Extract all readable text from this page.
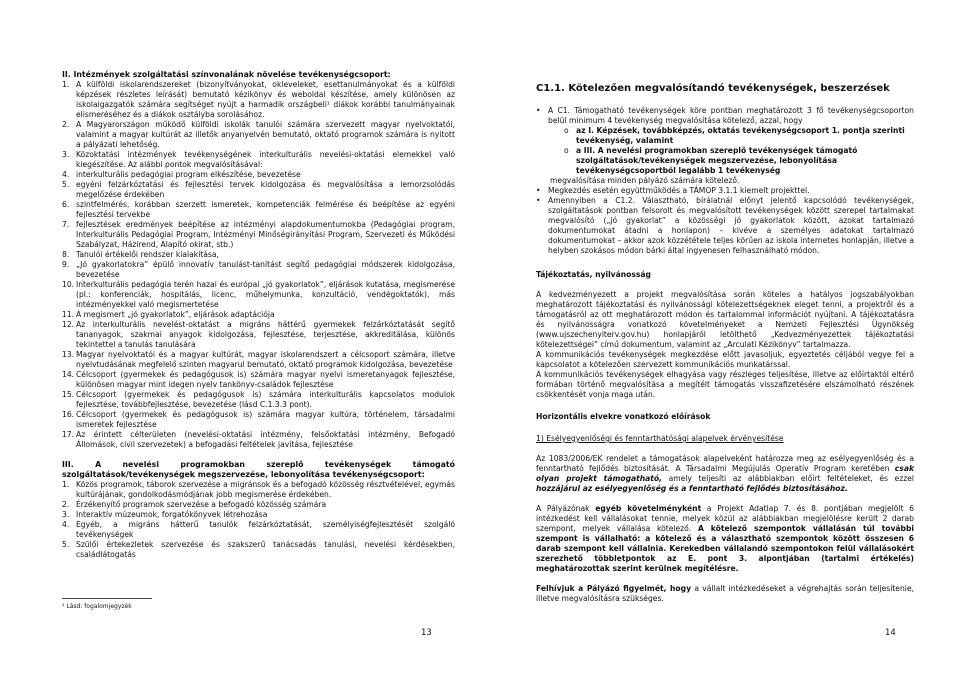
II. Intézmények szolgáltatási színvonalának növelése tevékenységcsoport:
1. A külföldi iskolarendszereket (bizonyítványokat, okleveleket, esettanulmányokat és a külföldi képzések részletes leírását) bemutató kézikönyv és weboldal készítése, amely különösen az iskolaigazgatók számára segítséget nyújt a harmadik országbeli¹ diákok korábbi tanulmányainak elismeréséhez és a diákok osztályba sorolásához.
2. A Magyarországon működő külföldi iskolák tanulói számára szervezett magyar nyelvoktatói, valamint a magyar kultúrát az illetők anyanyelvén bemutató, oktató programok számára is nyitott a pályázati lehetőség.
3. Közoktatási intézmények tevékenységének interkulturális nevelési-oktatási elemekkel való kiegészítése. Az alábbi pontok megvalósításával:
4. interkulturális pedagógiai program elkészítése, bevezetése
5. egyéni felzárkóztatási és fejlesztési tervek kidolgozása és megvalósítása a lemorzsolódás megelőzése érdekében
6. szintfelmérés, korábban szerzett ismeretek, kompetenciák felmérése és beépítése az egyéni fejlesztési tervekbe
7. fejlesztések eredmények beépítése az intézményi alapdokumentumokba (Pedagógiai program, Interkulturális Pedagógiai Program, Intézményi Minőségirányítási Program, Szervezeti és Működési Szabályzat, Házirend, Alapító okirat, stb.)
8. Tanulói értékelői rendszer kialakítása,
9. „Jó gyakorlatokra” épülő innovatív tanulást-tanítást segítő pedagógiai módszerek kidolgozása, bevezetése
10. Interkulturális pedagógia terén hazai és európai „jó gyakorlatok”, eljárások kutatása, megismerése (pl.: konferenciák, hospitálás, licenc, műhelymunka, konzultáció, vendégoktatók), más intézményekkel való megismertetése
11. A megismert „jó gyakorlatok”, eljárások adaptációja
12. Az interkulturális nevelést-oktatást a migráns háttérű gyermekek felzárkóztatását segítő tananyagok, szakmai anyagok kidolgozása, fejlesztése, terjesztése, akkreditálása, különös tekintettel a tanulás tanulására
13. Magyar nyelvoktatói és a magyar kultúrát, magyar iskolarendszert a célcsoport számára, illetve nyelvtudásának megfelelő szinten magyarul bemutató, oktató programok kidolgozása, bevezetése
14. Célcsoport (gyermekek és pedagógusok is) számára magyar nyelvi ismeretanyagok fejlesztése, különösen magyar mint idegen nyelv tankönyv-családok fejlesztése
15. Célcsoport (gyermekek és pedagógusok is) számára interkulturális kapcsolatos modulok fejlesztése, továbbfejlesztése, bevezetése (lásd C.1.3.3 pont).
16. Célcsoport (gyermekek és pedagógusok is) számára magyar kultúra, történelem, társadalmi ismeretek fejlesztése
17. Az érintett célterületen (nevelési-oktatási intézmény, felsőoktatási intézmény, Befogadó Állomások, civil szervezetek) a befogadási feltételek javítása, fejlesztése
III. A nevelési programokban szereplő tevékenységek támogató szolgáltatások/tevékenységek megszervezése, lebonyolítása tevékenységcsoport:
1. Közös programok, táborok szervezése a migránsok és a befogadó közösség résztvételével, egymás kultúrájának, gondolkodásmódjának jobb megismerése érdekében.
2. Érzékenyítő programok szervezése a befogadó közösség számára
3. Interaktív múzeumok, forgatókönyvek létrehozása
4. Egyéb, a migráns hátterű tanulók felzárkóztatását, személyiségfejlesztését szolgáló tevékenységek
5. Szülői értekezletek szervezése és szakszerű tanácsadás tanulási, nevelési kérdésekben, családlátogatás
¹ Lásd: fogalomjegyzék
13
C1.1. Kötelezően megvalósítandó tevékenységek, beszerzések
• A C1. Támogatható tevékenységek köre pontban meghatározott 3 fő tevékenységcsoporton belül minimum 4 tevékenység megvalósítása kötelező, azzal, hogy
o az I. Képzések, továbbképzés, oktatás tevékenységcsoport 1. pontja szerinti tevékenység, valamint
o a III. A nevelési programokban szereplő tevékenységek támogató szolgáltatások/tevékenységek megszervezése, lebonyolítása tevékenységcsoportból legalább 1 tevékenység
megvalósítása minden pályázó számára kötelező.
• Megkezdés esetén együttműködés a TÁMOP 3.1.1 kiemelt projekttel.
• Amennyiben a C1.2. Választható, bírálatnál előnyt jelentő kapcsolódó tevékenységek, szolgáltatások pontban felsorolt és megvalósított tevékenységek között szerepel tartalmakat megvalósító („jó gyakorlat” a közösségi jó gyakorlatok között, azokat tartalmazó dokumentumokat átadni a honlapon) – kivéve a személyes adatokat tartalmazó dokumentumokat – akkor azok közzététele teljes körűen az iskola internetes honlapján, illetve a helyben szokásos módon bárki által ingyenesen felhasználható módon.
Tájékoztatás, nyilvánosság
A kedvezményezett a projekt megvalósítása során köteles a hatályos jogszabályokban meghatározott tájékoztatási és nyilvánossági kötelezettségeknek eleget tenni, a projektről és a támogatásról az ott meghatározott módon és tartalommal információt nyújtani. A tájékoztatásra és nyilvánosságra vonatkozó követelményeket a Nemzeti Fejlesztési Ügynökség (www.ujszechenyiterv.gov.hu) honlapjáról letölthető „Kedvezményezettek tájékoztatási kötelezettségei” című dokumentum, valamint az „Arculati Kézikönyv” tartalmazza.
A kommunikációs tevékenységek megkezdése előtt javasoljuk, egyeztetés céljából vegye fel a kapcsolatot a kötelezően szervezett kommunikációs munkatárssal.
A kommunikációs tevékenységek elhagyása vagy részleges teljesítése, illetve az előírtaktól eltérő formában történő megvalósítása a megítélt támogatás visszafizetésére elszámolható részének csökkentését vonja maga után.
Horizontális elvekre vonatkozó előírások
1) Esélyegyenlőségi és fenntarthatósági alapelvek érvényesítése
Az 1083/2006/EK rendelet a támogatások alapelveként határozza meg az esélyegyenlőség és a fenntartható fejlődés biztosítását. A Társadalmi Megújulás Operatív Program keretében csak olyan projekt támogatható, amely teljesíti az alábbiakban előírt feltételeket, és ezzel hozzájárul az esélyegyenlőség és a fenntartható fejlődés biztosításához.
A Pályázónak egyéb követelményként a Projekt Adatlap 7. és 8. pontjában megjelölt 6 intézkedést kell vállalásokat tennie, melyek közül az alábbiakban megjelölésre került 2 darab szempont, melyek vállalása kötelező. A kötelező szempontok vállalásán túl további szempont is vállalható: a kötelező és a választható szempontok között összesen 6 darab szempont kell vállalnia. Kerekedben vállalandó szempontokon felül vállalásokért szerezhető többletpontok az E. pont 3. alpontjában (tartalmi értékelés) meghatározottak szerint kerülnek megítélésre.
Felhívjuk a Pályázó figyelmét, hogy a vállalt intézkedéseket a végrehajtás során teljesítenie, illetve megvalósításra szükséges.
14
